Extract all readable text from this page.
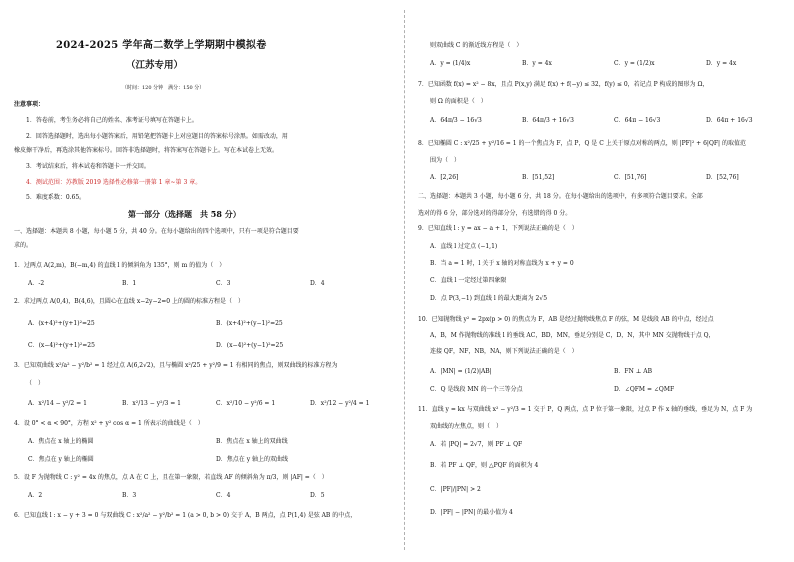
2024-2025 学年高二数学上学期期中模拟卷
（江苏专用）
（时间：120 分钟　满分：150 分）
注意事项：
1．答卷前，考生务必将自己的姓名、准考证号填写在答题卡上。
2．回答选择题时，选出每小题答案后，用铅笔把答题卡上对应题目的答案标号涂黑。如需改动，用
橡皮擦干净后，再选涂其他答案标号。回答非选择题时，将答案写在答题卡上。写在本试卷上无效。
3．考试结束后，将本试卷和答题卡一并交回。
4．测试范围：苏教版 2019 选择性必修第一册第 1 章~第 3 章。
5．难度系数：0.65。
第一部分（选择题　共 58 分）
一、选择题：本题共 8 小题，每小题 5 分，共 40 分。在每小题给出的四个选项中，只有一项是符合题目要
求的。
1．过两点 A(2,m)，B(−m,4) 的直线 l 的倾斜角为 135°，则 m 的值为（　）
A．-2	B．1	C．3	D．4
2．求过两点 A(0,4)，B(4,6)，且圆心在直线 x−2y−2=0 上的圆的标准方程是（　）
A．(x+4)²+(y+1)²=25	B．(x+4)²+(y−1)²=25
C．(x−4)²+(y+1)²=25	D．(x−4)²+(y−1)²=25
3．已知双曲线 x²/a² − y²/b² = 1 经过点 A(6,2√2)，且与椭圆 x²/25 + y²/9 = 1 有相同的焦点，则双曲线的标准方程为
（　）
A．x²/14 − y²/2 = 1	B．x²/13 − y²/3 = 1	C．x²/10 − y²/6 = 1	D．x²/12 − y²/4 = 1
4．设 0° < α < 90°，方程 x² + y² cos α = 1 所表示的曲线是（　）
A．焦点在 x 轴上的椭圆	B．焦点在 x 轴上的双曲线
C．焦点在 y 轴上的椭圆	D．焦点在 y 轴上的双曲线
5．设 F 为抛物线 C : y² = 4x 的焦点，点 A 在 C 上，且在第一象限，若直线 AF 的倾斜角为 π/3，则 |AF| =（　）
A．2	B．3	C．4	D．5
6．已知直线 l : x − y + 3 = 0 与双曲线 C : x²/a² − y²/b² = 1 (a > 0, b > 0) 交于 A，B 两点，点 P(1,4) 是弦 AB 的中点，
则双曲线 C 的渐近线方程是（　）
A．y = (1/4)x	B．y = 4x	C．y = (1/2)x	D．y = 4x
7．已知函数 f(x) = x² − 8x，且点 P(x,y) 满足 f(x) + f(−y) ≤ 32，f(y) ≤ 0，若记点 P 构成的图形为 Ω，
则 Ω 的面积是（　）
A．64π/3 − 16√3	B．64π/3 + 16√3	C．64π − 16√3	D．64π + 16√3
8．已知椭圆 C : x²/25 + y²/16 = 1 的一个焦点为 F，点 P，Q 是 C 上关于原点对称的两点，则 |PF|² + 6|QF| 的取值范
围为（　）
A．[2,26]	B．[51,52]	C．[51,76]	D．[52,76]
二、选择题：本题共 3 小题，每小题 6 分，共 18 分。在每小题给出的选项中，有多项符合题目要求。全部
选对的得 6 分，部分选对的得部分分，有选错的得 0 分。
9．已知直线 l : y = ax − a + 1，下列说法正确的是（　）
A．直线 l 过定点 (−1,1)
B．当 a = 1 时，l 关于 x 轴的对称直线为 x + y = 0
C．直线 l 一定经过第四象限
D．点 P(3,−1) 到直线 l 的最大距离为 2√5
10．已知抛物线 y² = 2px(p > 0) 的焦点为 F，AB 是经过抛物线焦点 F 的弦，M 是线段 AB 的中点，经过点
A，B，M 作抛物线的准线 l 的垂线 AC，BD，MN，垂足分别是 C，D，N，其中 MN 交抛物线于点 Q，
连接 QF，NF，NB，NA，则下列说法正确的是（　）
A．|MN| = (1/2)|AB|	B．FN ⊥ AB
C．Q 是线段 MN 的一个三等分点	D．∠QFM = ∠QMF
11．直线 y = kx 与双曲线 x² − y²/3 = 1 交于 P，Q 两点，点 P 位于第一象限，过点 P 作 x 轴的垂线，垂足为 N，点 F 为
双曲线的左焦点，则（　）
A．若 |PQ| = 2√7，则 PF ⊥ QF
B．若 PF ⊥ QF，则 △PQF 的面积为 4
C．|PF|/|PN| > 2
D．|PF| − |PN| 的最小值为 4
